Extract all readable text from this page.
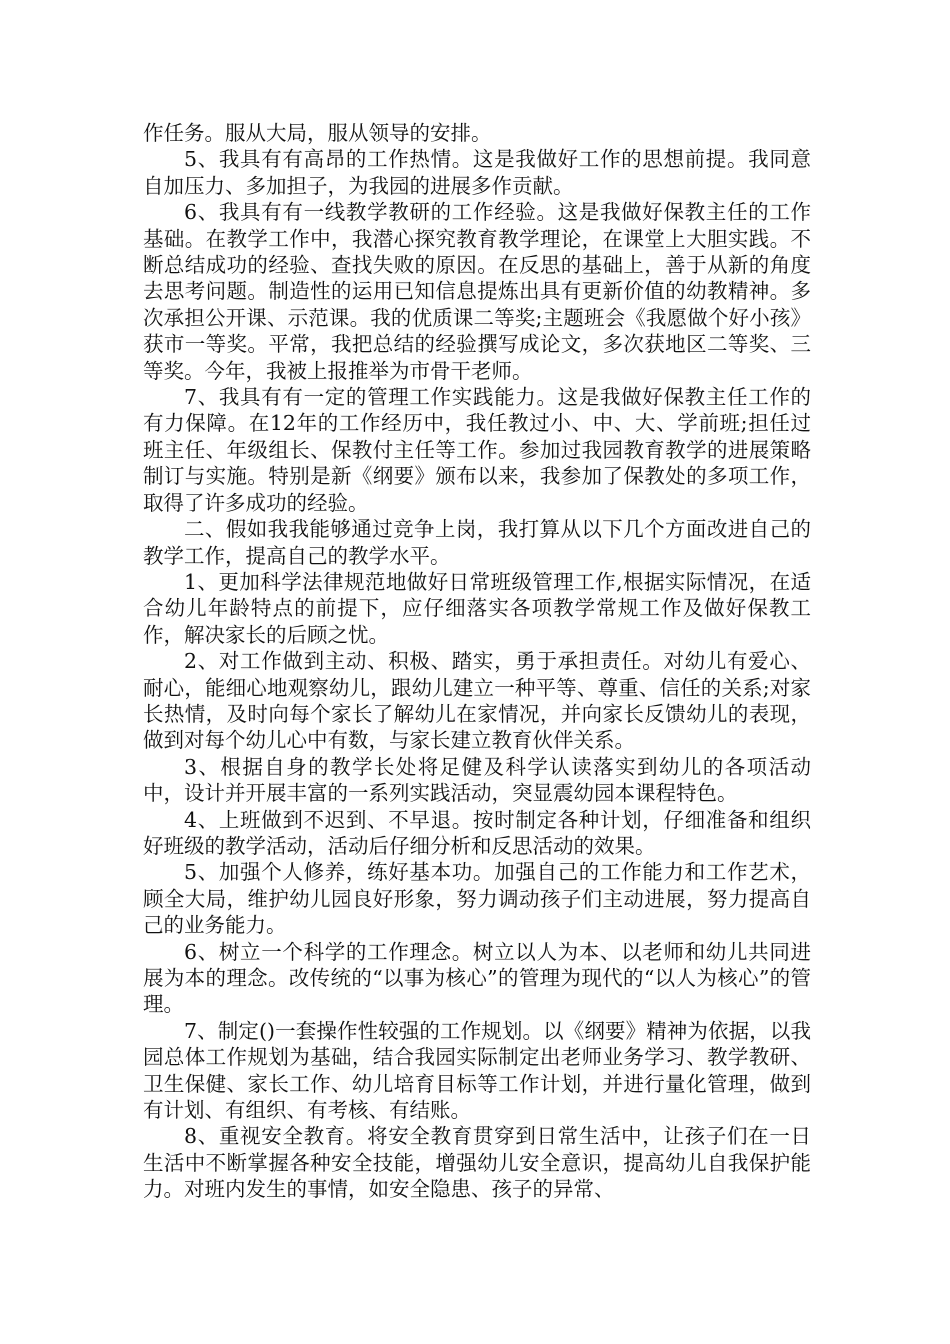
作任务。服从大局，服从领导的安排。

5、我具有有高昂的工作热情。这是我做好工作的思想前提。我同意自加压力、多加担子，为我园的进展多作贡献。

6、我具有有一线教学教研的工作经验。这是我做好保教主任的工作基础。在教学工作中，我潜心探究教育教学理论，在课堂上大胆实践。不断总结成功的经验、查找失败的原因。在反思的基础上，善于从新的角度去思考问题。制造性的运用已知信息提炼出具有更新价值的幼教精神。多次承担公开课、示范课。我的优质课二等奖;主题班会《我愿做个好小孩》获市一等奖。平常，我把总结的经验撰写成论文，多次获地区二等奖、三等奖。今年，我被上报推举为市骨干老师。

7、我具有有一定的管理工作实践能力。这是我做好保教主任工作的有力保障。在12年的工作经历中，我任教过小、中、大、学前班;担任过班主任、年级组长、保教付主任等工作。参加过我园教育教学的进展策略制订与实施。特别是新《纲要》颁布以来，我参加了保教处的多项工作，取得了许多成功的经验。

二、假如我我能够通过竞争上岗，我打算从以下几个方面改进自己的教学工作，提高自己的教学水平。

1、更加科学法律规范地做好日常班级管理工作,根据实际情况，在适合幼儿年龄特点的前提下，应仔细落实各项教学常规工作及做好保教工作，解决家长的后顾之忧。

2、对工作做到主动、积极、踏实，勇于承担责任。对幼儿有爱心、耐心，能细心地观察幼儿，跟幼儿建立一种平等、尊重、信任的关系;对家长热情，及时向每个家长了解幼儿在家情况，并向家长反馈幼儿的表现，做到对每个幼儿心中有数，与家长建立教育伙伴关系。

3、根据自身的教学长处将足健及科学认读落实到幼儿的各项活动中，设计并开展丰富的一系列实践活动，突显震幼园本课程特色。

4、上班做到不迟到、不早退。按时制定各种计划，仔细准备和组织好班级的教学活动，活动后仔细分析和反思活动的效果。

5、加强个人修养，练好基本功。加强自己的工作能力和工作艺术，顾全大局，维护幼儿园良好形象，努力调动孩子们主动进展，努力提高自己的业务能力。

6、树立一个科学的工作理念。树立以人为本、以老师和幼儿共同进展为本的理念。改传统的“以事为核心”的管理为现代的“以人为核心”的管理。

7、制定()一套操作性较强的工作规划。以《纲要》精神为依据，以我园总体工作规划为基础，结合我园实际制定出老师业务学习、教学教研、卫生保健、家长工作、幼儿培育目标等工作计划，并进行量化管理，做到有计划、有组织、有考核、有结账。

8、重视安全教育。将安全教育贯穿到日常生活中，让孩子们在一日生活中不断掌握各种安全技能，增强幼儿安全意识，提高幼儿自我保护能力。对班内发生的事情，如安全隐患、孩子的异常、
